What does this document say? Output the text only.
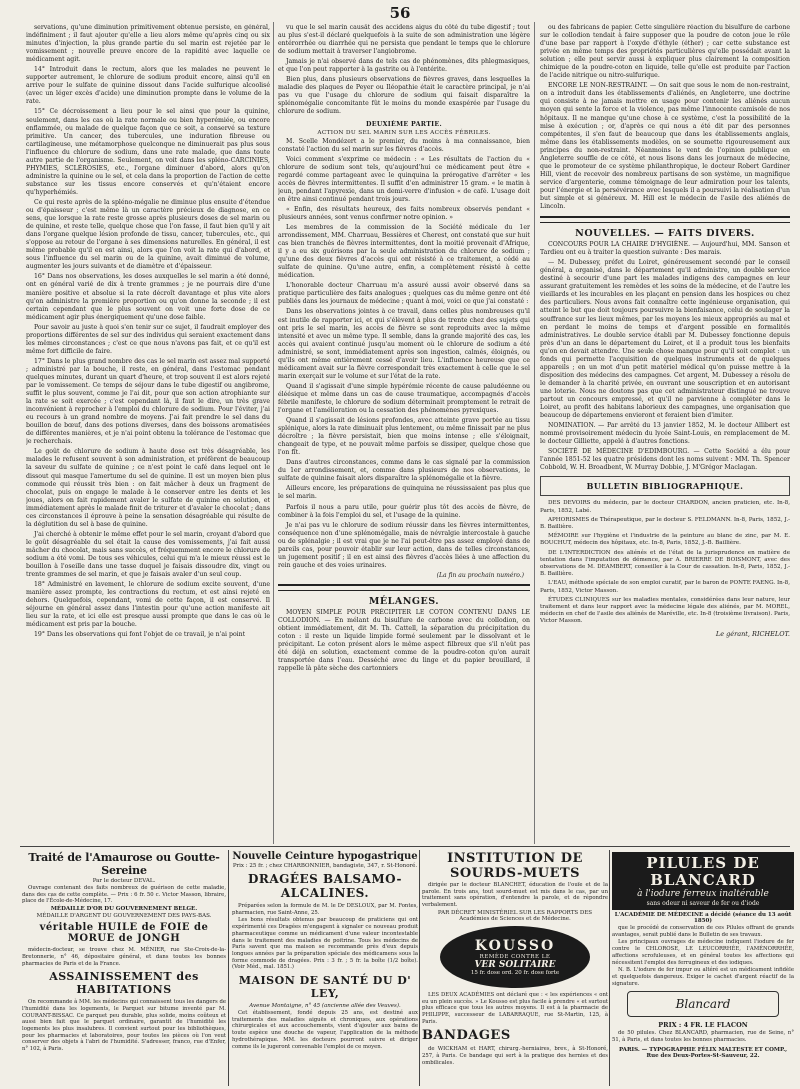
56

servations, qu'une diminution primitivement obtenue persiste, en général, indéfiniment ; il faut ajouter qu'elle a lieu alors même qu'après cinq ou six minutes d'injection, la plus grande partie du sel marin est rejetée par le vomissement ; nouvelle preuve encore de la rapidité avec laquelle ce médicament agit.

14° Introduit dans le rectum, alors que les malades ne peuvent le supporter autrement, le chlorure de sodium produit encore, ainsi qu'il en arrive pour le sulfate de quinine dissout dans l'acide sulfurique alcoolisé (avec un léger excès d'acide) une diminution prompte dans le volume de la rate.

15° Ce décroissement a lieu pour le sel ainsi que pour la quinine, seulement, dans les cas où la rate normale ou bien hyperémiée, ou encore enflammée, ou malade de quelque façon que ce soit, a conservé sa texture primitive. Un cancer, des tubercules, une induration fibreuse ou cartilagineuse, une métamorphose quelconque ne diminuerait pas plus sous l'influence du chlorure de sodium, dans une rate malade, que dans toute autre partie de l'organisme. Seulement, on voit dans les spléno-CARCINIES, PHYMIES, SCLÉROSIES, etc., l'organe diminuer d'abord, alors qu'on administre la quinine ou le sel, et cela dans la proportion de l'action de cette substance sur les tissus encore conservés et qu'n'étaient encore qu'hyperhémiés.

Ce qui reste après de la spléno-mégalie ne diminue plus ensuite d'étendue ou d'épaisseur ; c'est même là un caractère précieux de diagnose, en ce sens, que lorsque la rate reste grosse après plusieurs doses de sel marin ou de quinine, et reste telle, quelque chose que l'on fasse, il faut bien qu'il y ait dans l'organe quelque lésion profonde de tissu, cancer, tubercules, etc., qui s'oppose au retour de l'organe à ses dimensions naturelles. En général, il est même probable qu'il en est ainsi, alors que l'on voit la rate qui d'abord, et sous l'influence du sel marin ou de la quinine, avait diminué de volume, augmenter les jours suivants et de diamètre et d'épaisseur.

16° Dans nos observations, les doses auxquelles le sel marin a été donné, ont en général varié de dix à trente grammes ; je ne pourrais dire d'une manière positive et absolue si la rate décroît davantage et plus vite alors qu'on administre la première proportion ou qu'on donne la seconde ; il est certain cependant que le plus souvent on voit une forte dose de ce médicament agir plus énergiquement qu'une dose faible.

Pour savoir au juste à quoi s'en tenir sur ce sujet, il faudrait employer des proportions différentes de sel sur des individus qui seraient exactement dans les mêmes circonstances ; c'est ce que nous n'avons pas fait, et ce qu'il est même fort difficile de faire.

17° Dans le plus grand nombre des cas le sel marin est assez mal supporté ; administré par la bouche, il reste, en général, dans l'estomac pendant quelques minutes, durant un quart d'heure, et trop souvent il est alors rejeté par le vomissement. Ce temps de séjour dans le tube digestif ou angibrome, suffit le plus souvent, comme je l'ai dit, pour que son action atrophiante sur la rate se soit exercée ; c'est cependant là, il faut le dire, un très grave inconvénient à reprocher à l'emploi du chlorure de sodium. Pour l'éviter, j'ai eu recours à un grand nombre de moyens. J'ai fait prendre le sel dans du bouillon de bœuf, dans des potions diverses, dans des boissons aromatisées de différentes manières, et je n'ai point obtenu la tolérance de l'estomac que je recherchais.

Le goût de chlorure de sodium à haute dose est très désagréable, les malades le refusent souvent à son administration, et préfèrent de beaucoup la saveur du sulfate de quinine ; ce n'est point le café dans lequel ont le dissout qui masque l'amertume du sel de quinine. Il est un moyen bien plus commode qui réussit très bien : on fait mâcher à deux un fragment de chocolat, puis on engage le malade à le conserver entre les dents et les joues, alors on fait rapidement avaler le sulfate de quinine en solution, et immédiatement après le malade finit de triturer et d'avaler le chocolat ; dans ces circonstances il éprouve à peine la sensation désagréable qui résulte de la déglutition du sel à base de quinine.

J'ai cherché à obtenir le même effet pour le sel marin, croyant d'abord que le goût désagréable du sel était la cause des vomissements, j'ai fait aussi mâcher du chocolat, mais sans succès, et fréquemment encore le chlorure de sodium a été vomi. De tous ses véhicules, celui qui m'a le mieux réussi est le bouillon à l'oseille dans une tasse duquel je faisais dissoudre dix, vingt ou trente grammes de sel marin, et que je faisais avaler d'un seul coup.

18° Administré en lavement, le chlorure de sodium excite souvent, d'une manière assez prompte, les contractions du rectum, et est ainsi rejeté en dehors. Quelquefois, cependant, vomi de cette façon, il est conservé. Il séjourne en général assez dans l'intestin pour qu'une action manifeste ait lieu sur la rate, et ici elle est presque aussi prompte que dans le cas où le médicament est pris par la bouche.

19° Dans les observations qui font l'objet de ce travail, je n'ai point

vu que le sel marin causât des accidens aigus du côté du tube digestif ; tout au plus s'est-il déclaré quelquefois à la suite de son administration une légère entérorrhée ou diarrhée qui ne persista que pendant le temps que le chlorure de sodium mettait à traverser l'angiobrome.

Jamais je n'ai observé dans de tels cas de phénomènes, dits phlegmasiques, et que l'on peut rapporter à la gastrite ou à l'entérite.

Bien plus, dans plusieurs observations de fièvres graves, dans lesquelles la maladie des plaques de Peyer ou Iléopathie était le caractère principal, je n'ai pas vu que l'usage du chlorure de sodium qui faisait disparaître la splénomégalie concomitante fût le moins du monde exaspérée par l'usage du chlorure de sodium.

DEUXIÈME PARTIE.
ACTION DU SEL MARIN SUR LES ACCÈS FÉBRILES.

M. Scelle Mondézert a le premier, du moins à ma connaissance, bien constaté l'action du sel marin sur les fièvres d'accès.

Voici comment s'exprime ce médecin : « Les résultats de l'action du « chlorure de sodium sont tels, qu'aujourd'hui ce médicament peut être « regardé comme partageant avec le quinquina la prérogative d'arrêter « les accès de fièvres intermittentes. Il suffit d'en administrer 15 gram. « le matin à jeun, pendant l'apyrexie, dans un demi-verre d'infusion « de café. L'usage doit en être ainsi continué pendant trois jours.

« Enfin, des résultats heureux, des faits nombreux observés pendant « plusieurs années, sont venus confirmer notre opinion. »

Les membres de la commission de la Société médicale du 1er arrondissement, MM. Charruau, Bessières et Cherest, ont constaté que sur huit cas bien tranchés de fièvres intermittentes, dont la moitié provenait d'Afrique, il y a eu six guérisons par la seule administration du chlorure de sodium ; qu'une des deux fièvres d'accès qui ont résisté à ce traitement, a cédé au sulfate de quinine. Qu'une autre, enfin, a complètement résisté à cette médication.

L'honorable docteur Charruau m'a assuré aussi avoir observé dans sa pratique particulière des faits analogues ; quelques cas du même genre ont été publiés dans les journaux de médecine ; quant à moi, voici ce que j'ai constaté :

Dans les observations jointes à ce travail, dans celles plus nombreuses qu'il est inutile de rapporter ici, et qui s'élèvent à plus de trente chez des sujets qui ont pris le sel marin, les accès de fièvre se sont reproduits avec la même intensité et avec un même type. Il semble, dans la grande majorité des cas, les accès qui avaient continué jusqu'au moment où le chlorure de sodium a été administré, se sont, immédiatement après son ingestion, calmés, éloignés, ou qu'ils ont même entièrement cessé d'avoir lieu. L'influence heureuse que ce médicament avait sur la fièvre correspondait très exactement à celle que le sel marin exerçait sur le volume et sur l'état de la rate.

Quand il s'agissait d'une simple hypérémie récente de cause paludéenne ou éléésique et même dans un cas de cause traumatique, accompagnés d'accès fébrile manifeste, le chlorure de sodium déterminait promptement le retrait de l'organe et l'amélioration ou la cessation des phénomènes pyrexiques.

Quand il s'agissait de lésions profondes, avec atteinte grave portée au tissu splénique, alors la rate diminuait plus lentement, ou même finissait par ne plus décroître ; la fièvre persistait, bien que moins intense ; elle s'éloignait, changeait de type, et ne pouvait même parfois se dissiper, quelque chose que l'on fît.

Dans d'autres circonstances, comme dans le cas signalé par la commission du 1er arrondissement, et, comme dans plusieurs de nos observations, le sulfate de quinine faisait alors disparaître la splénomégalie et la fièvre.

Ailleurs encore, les préparations de quinquina ne réussissaient pas plus que le sel marin.

Parfois il nous a paru utile, pour guérir plus tôt des accès de fièvre, de combiner à la fois l'emploi du sel, et l'usage de la quinine.

Je n'ai pas vu le chlorure de sodium réussir dans les fièvres intermittentes, conséquence non d'une splénomégalie, mais de névralgie intercostale à gauche ou de splénalgie ; il est vrai que je ne l'ai peut-être pas assez employé dans de pareils cas, pour pouvoir établir sur leur action, dans de telles circonstances, un jugement positif ; il en est ainsi des fièvres d'accès liées à une affection du rein gauche et des voies urinaires.

(La fin au prochain numéro.)
MÉLANGES.

MOYEN SIMPLE POUR PRÉCIPITER LE COTON CONTENU DANS LE COLLODION. — En mélant du bisulfure de carbone avec du collodion, on obtient immédiatement, dit M. Th. Cattell, la séparation du précipitation du coton : il reste un liquide limpide formé seulement par le dissolvant et le précipitant. Le coton présent alors le même aspect filbreux que s'il n'eût pas été déjà en solution, exactement comme de la poudre-coton qu'on aurait transportée dans l'eau. Desséché avec du linge et du papier brouillard, il rappelle là pâte sèche des cartonniers

ou des fabricans de papier. Cette singulière réaction du bisulfure de carbone sur le collodion tendait à faire supposer que la poudre de coton joue le rôle d'une base par rapport à l'oxyde d'éthyle (éther) ; car cette substance est privée en même temps des propriétés particulières qu'elle possédait avant la solution ; elle peut servir aussi à expliquer plus clairement la composition chimique de la poudre-coton en liquide, telle qu'elle est produite par l'action de l'acide nitrique ou nitro-sulfurique.

ENCORE LE NON-RESTRAINT. — On sait que sous le nom de non-restraint, on a introduit dans les établissements d'aliénés, en Angleterre, une doctrine qui consiste à ne jamais mettre en usage pour contenir les aliénés aucun moyen qui sente la force et la violence, pas même l'innocente camisole de nos hôpitaux. Il ne manque qu'une chose à ce système, c'est la possibilité de la mise à exécution ; or, d'après ce qui nous a été dit par des personnes compétentes, il s'en faut de beaucoup que dans les établissements anglais, même dans les établissements modèles, on se soumette rigoureusement aux principes du non-restraint. Néanmoins le vent de l'opinion publique en Angleterre souffle de ce côté, et nous lisons dans les journaux de médecine, que le promoteur de ce système philanthropique, le docteur Robert Gardiner Hill, vient de recevoir des nombreux partisans de son système, un magnifique service d'argenterie, comme témoignage de leur admiration pour les talents, pour l'énergie et la persévérance avec lesquels il a poursuivi la réalisation d'un but simple et si généreux. M. Hill est le médecin de l'asile des aliénés de Lincoln.

NOUVELLES. — FAITS DIVERS.

CONCOURS POUR LA CHAIRE D'HYGIÈNE. — Aujourd'hui, MM. Sanson et Tardieu ont eu à traiter la question suivante : Des marais.

— M. Dubessey, préfet du Loiret, généreusement secondé par le conseil général, a organisé, dans le département qu'il administre, un double service destiné à secourir d'une part les malades indigens des campagnes en leur assurant gratuitement les remèdes et les soins de la médecine, et de l'autre les vieillards et les incurables en les plaçant en pension dans les hospices ou chez des particuliers. Nous avons fait connaître cette ingénieuse organisation, qui atteint le but que doit toujours poursuivre la bienfaisance, celui de soulager la souffrance sur les lieux mêmes, par les moyens les mieux appropriés au mal et en perdant le moins de temps et d'argent possible en formalités administratives. Le double service établi par M. Dubessey fonctionne depuis près d'un an dans le département du Loiret, et il a produit tous les bienfaits qu'on en devait attendre. Une seule chose manque pour qu'il soit complet : un fonds qui permette l'acquisition de quelques instruments et de quelques appareils ; en un mot d'un petit matériel médical qu'on puisse mettre à la disposition des médecins des campagnes. Cet argent, M. Dubessey a résolu de le demander à la charité privée, en ouvrant une souscription et en autorisant une loterie. Nous ne doutons pas que cet administrateur distingué ne trouve partout un concours empressé, et qu'il ne parvienne à compléter dans le Loiret, au profit des habitans laborieux des campagnes, une organisation que beaucoup de départemens envieront et feraient bien d'imiter.

NOMINATION. — Par arrêté du 13 janvier 1852, M. le docteur Allibert est nommé provisoirement médecin du lycée Saint-Louis, en remplacement de M. le docteur Gilliette, appelé à d'autres fonctions.

SOCIÉTÉ DE MÉDECINE D'EDIMBOURG. — Cette Société a élu pour l'année 1851-52 les quatre présidens dont les noms suivent : MM. Th. Spencer Cobbold, W. H. Broadbent, W. Murray Dobbie, J. M'Grégor Maclagan.

BULLETIN BIBLIOGRAPHIQUE.

DES DEVOIRS du médecin, par le docteur CHARDON, ancien praticien, etc. In-8, Paris, 1852, Labé.

APHORISMES de Thérapeutique, par le docteur S. FELDMANN. In-8, Paris, 1852, J.-B. Baillière.

MÉMOIRE sur l'hygiène et l'industrie de la peinture au blanc de zinc, par M. E. BOUCHUT, médecin des hôpitaux, etc. In-8, Paris, 1852, J.-B. Baillière.

DE L'INTERDICTION des aliénés et de l'état de la jurisprudence en matière de tentation dans l'imputation de démence, par A. BRIERRE DE BOISMONT, avec des observations de M. DEAMBERT, conseiller à la Cour de cassation. In-8, Paris, 1852, J.-B. Baillière.

L'EAU, méthode spéciale de son emploi curatif, par le baron de PONTE FAENG. In-8, Paris, 1852, Victor Masson.

ÉTUDES CLINIQUES sur les maladies mentales, considérées dans leur nature, leur traitement et dans leur rapport avec la médecine légale des aliénés, par M. MOREL, médecin en chef de l'asile des aliénés de Maréville, etc. In-8 (troisième livraison). Paris, Victor Masson.

Le gérant, RICHELOT.
Traité de l'Amaurose ou Goutte-Sereine
Par le docteur DEVAL.

Ouvrage contenant des faits nombreux de guérison de cette maladie, dans des cas de cette complète. — Prix : 6 fr. 50 c. Victor Masson, libraire, place de l'École-de-Médecine, 17.

MÉDAILLE D'OR DU GOUVERNEMENT BELGE.
MÉDAILLE D'ARGENT DU GOUVERNEMENT DES PAYS-BAS.
véritable HUILE de FOIE de MORUE de JONGH

médecin-docteur, se trouve chez M. MÉNIER, rue Ste-Croix-de-la-Bretonnerie, n° 46, dépositaire général, et dans toutes les bonnes pharmacies de Paris et de la France.

ASSAINISSEMENT des HABITATIONS

On recommande à MM. les médecins qui connaissent tous les dangers de l'humidité dans les logements, le Parquet sur bitume inventé par M. COURANT-BISSAC. Ce parquet peu durable, plus solide, moins coûteux et aussi bien fait que le parquet ordinaire, garantit de l'humidité les logements les plus insalubres. Il convient surtout pour les bibliothèques, pour les pharmacies et laboratoires, pour toutes les pièces où l'on veut conserver des objets à l'abri de l'humidité. S'adresser, franco, rue d'Enfer, n° 102, à Paris.

Nouvelle Ceinture hypogastrique
Prix : 25 fr. ; chez CHARBONNIER, bandagiste, 347, r. St-Honoré.
DRAGÉES BALSAMO-ALCALINES.

Préparées selon la formule de M. le Dr DESLOUX, par M. Fontes, pharmacien, rue Saint-Anne, 25.

Les bons résultats obtenus par beaucoup de praticiens qui ont expérimenté ces Dragées m'engagent à signaler ce nouveau produit pharmaceutique comme un médicament d'une valeur incontestable dans le traitement des maladies de poitrine. Tous les médecins de Paris savent que ma maison se recommande près d'eux depuis longues années par la préparation spéciale des médicamens sous la forme commode de dragées. Prix : 3 fr. ; 5 fr. la boîte (1/2 boîte). (Voir Méd., mal. 1851.)

MAISON DE SANTÉ DU D' LEY,
Avenue Montaigne, n° 45 (ancienne allée des Veuves).

Cet établissement, fondé depuis 25 ans, est destiné aux traitements des maladies aiguës et chroniques, aux opérations chirurgicales et aux accouchements, vient d'ajouter aux bains de toute espèce une douche de vapeur, l'application de la méthode hydrothérapique. MM. les docteurs pourront suivre et diriger comme ils le jugeront convenable l'emploi de ce moyen.

INSTITUTION DE SOURDS-MUETS

dirigée par le docteur BLANCHET, éducation de l'ouïe et de la parole. En trois ans, tout sourd-muet est mis dans le cas, par un traitement sans opération, d'entendre la parole, et de répondre verbalement.

PAR DÉCRET MINISTÉRIEL SUR LES RAPPORTS DES Académies de Sciences et de Médecine.
KOUSSO
REMÈDE CONTRE LE
VER SOLITAIRE
15 fr. dose ord. 20 fr. dose forte

LES DEUX ACADÉMIES ont déclaré que : « les expériences « ont eu un plein succès. » Le Kousso est plus facile à prendre « et surtout plus efficace que tous les autres moyens. Il est à la pharmacie de PHILIPPE, successeur de LABARRAQUE, rue St-Martin, 125, à Paris.

BANDAGES

de WICKHAM et HART, chirurg.-herniaires, brev., à St-Honoré, 257, à Paris. Ce bandage qui sert à la pratique des hernies et des ombilicales.

PILULES DE BLANCARD
à l'iodure ferreux inaltérable
sans odeur ni saveur de fer ou d'iode
L'ACADÉMIE DE MÉDECINE a décidé (séance du 13 août 1850)

que le procédé de conservation de ces Pilules offrant de grands avantages, serait publié dans le Bulletin de ses travaux.

Les principaux ouvrages de médecine indiquent l'iodure de fer contre le CHLOROSE, LE LEUCORRHÉE, l'AMÉNORRHÉE, affections scrofuleuses, et en général toutes les affections qui nécessitent l'emploi des ferrugineux et des iodiques.

N. B. L'iodure de fer impur ou altéré est un médicament infidèle et quelquefois dangereux. Exiger le cachet d'argent réactif de la signature.

Blancard
PRIX : 4 FR. LE FLACON

de 50 pilules. Chez BLANCARD, pharmacien, rue de Seine, n° 51, à Paris, et dans toutes les bonnes pharmacies.

PARIS. — TYPOGRAPHIE FÉLIX MALTESTE ET COMP., Rue des Deux-Portes-St-Sauveur, 22.
